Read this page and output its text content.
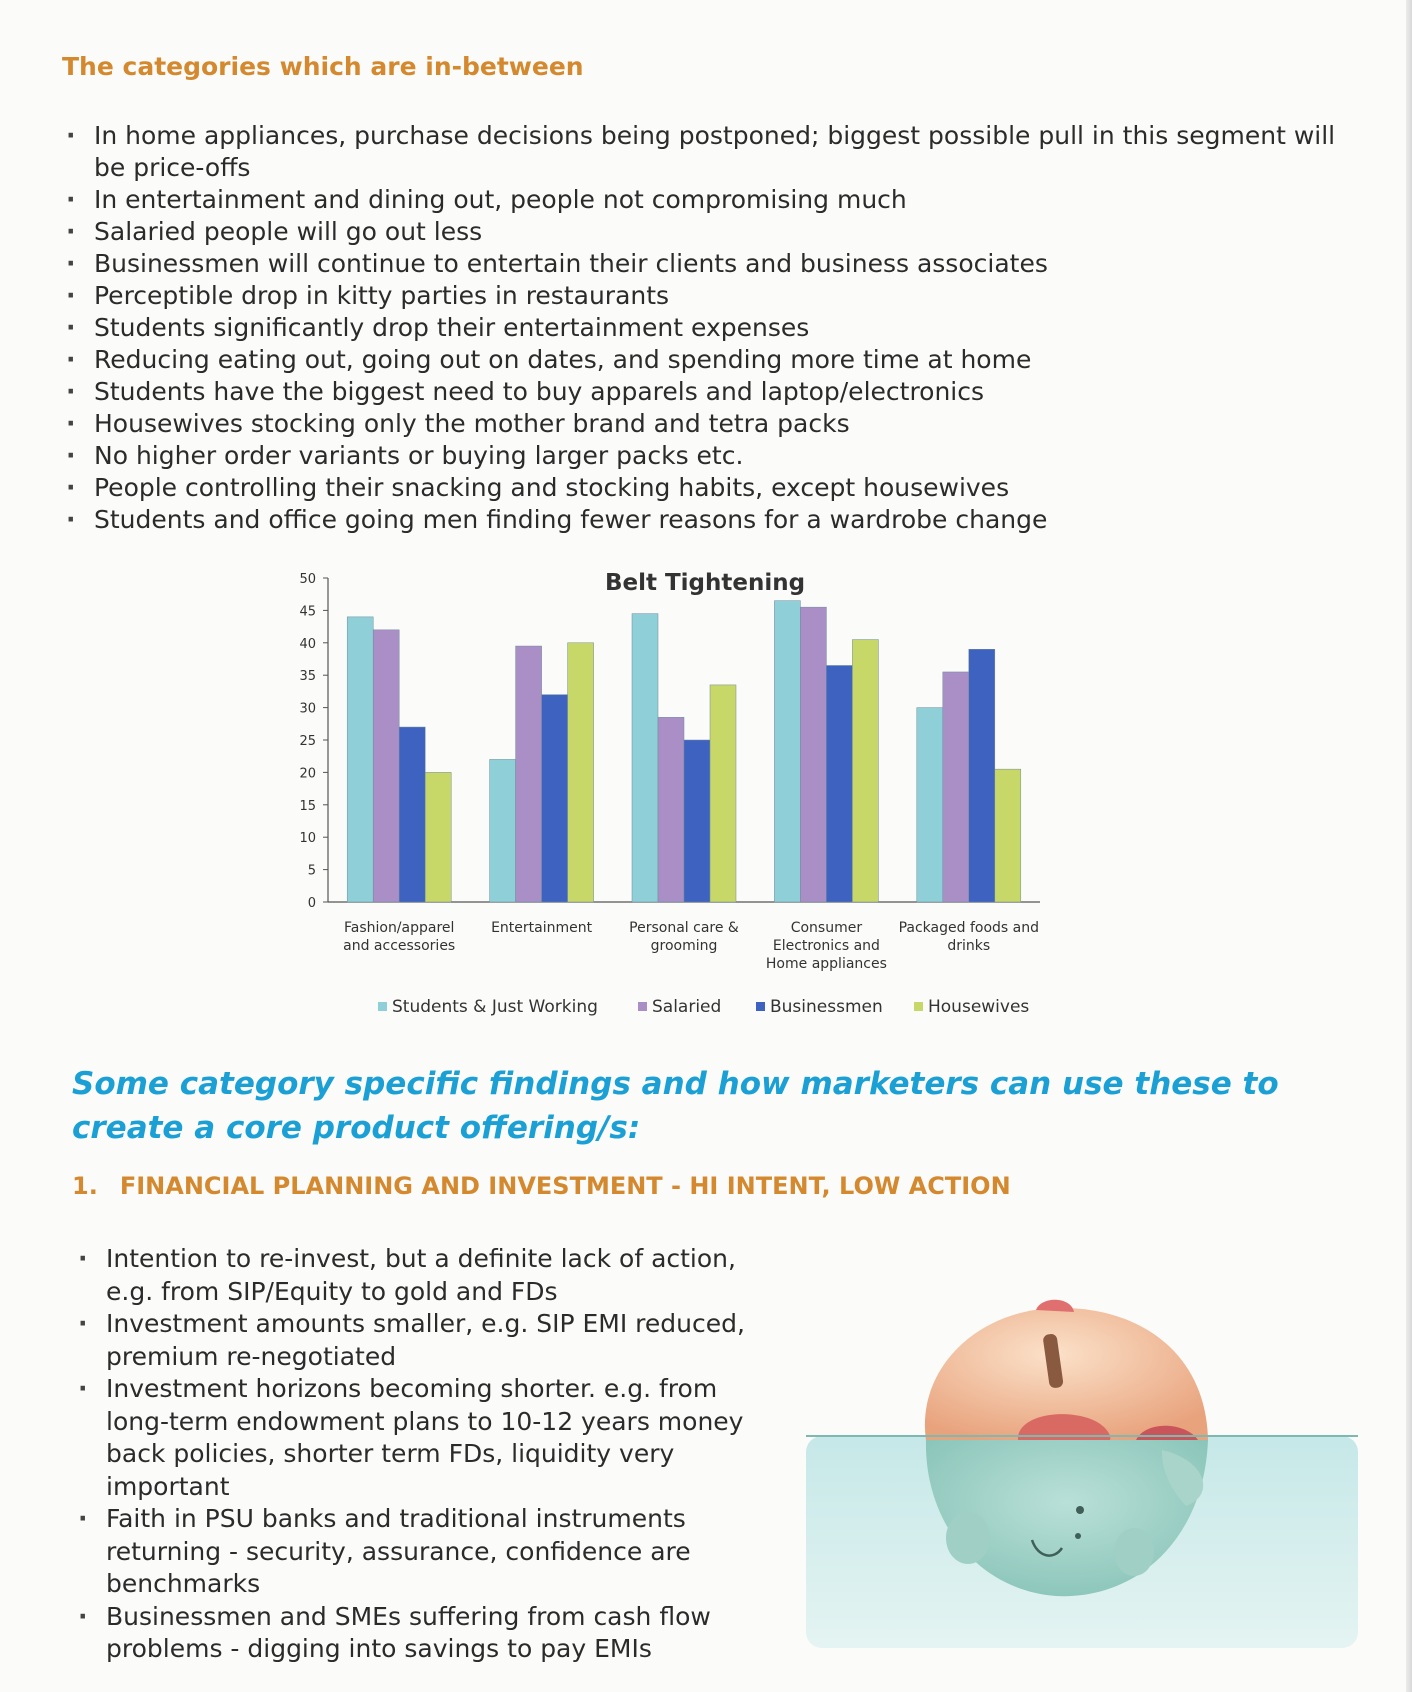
The categories which are in-between
· In home appliances, purchase decisions being postponed; biggest possible pull in this segment will be price-offs
· In entertainment and dining out, people not compromising much
· Salaried people will go out less
· Businessmen will continue to entertain their clients and business associates
· Perceptible drop in kitty parties in restaurants
· Students significantly drop their entertainment expenses
· Reducing eating out, going out on dates, and spending more time at home
· Students have the biggest need to buy apparels and laptop/electronics
· Housewives stocking only the mother brand and tetra packs
· No higher order variants or buying larger packs etc.
· People controlling their snacking and stocking habits, except housewives
· Students and office going men finding fewer reasons for a wardrobe change
Belt Tightening
0
5
10
15
20
25
30
35
40
45
50
Fashion/apparel and accessories
Entertainment	Personal care & grooming
Consumer Electronics and Home appliances
Packaged foods and drinks
Students & Just Working	Salaried	Businessmen	Housewives
Some category specific findings and how marketers can use these to create a core product offering/s:
1. FINANCIAL PLANNING AND INVESTMENT - HI INTENT, LOW ACTION
· Intention to re-invest, but a definite lack of action, e.g. from SIP/Equity to gold and FDs
· Investment amounts smaller, e.g. SIP EMI reduced, premium re-negotiated
· Investment horizons becoming shorter. e.g. from long-term endowment plans to 10-12 years money back policies, shorter term FDs, liquidity very important
· Faith in PSU banks and traditional instruments returning - security, assurance, confidence are benchmarks
· Businessmen and SMEs suffering from cash flow problems - digging into savings to pay EMIs
